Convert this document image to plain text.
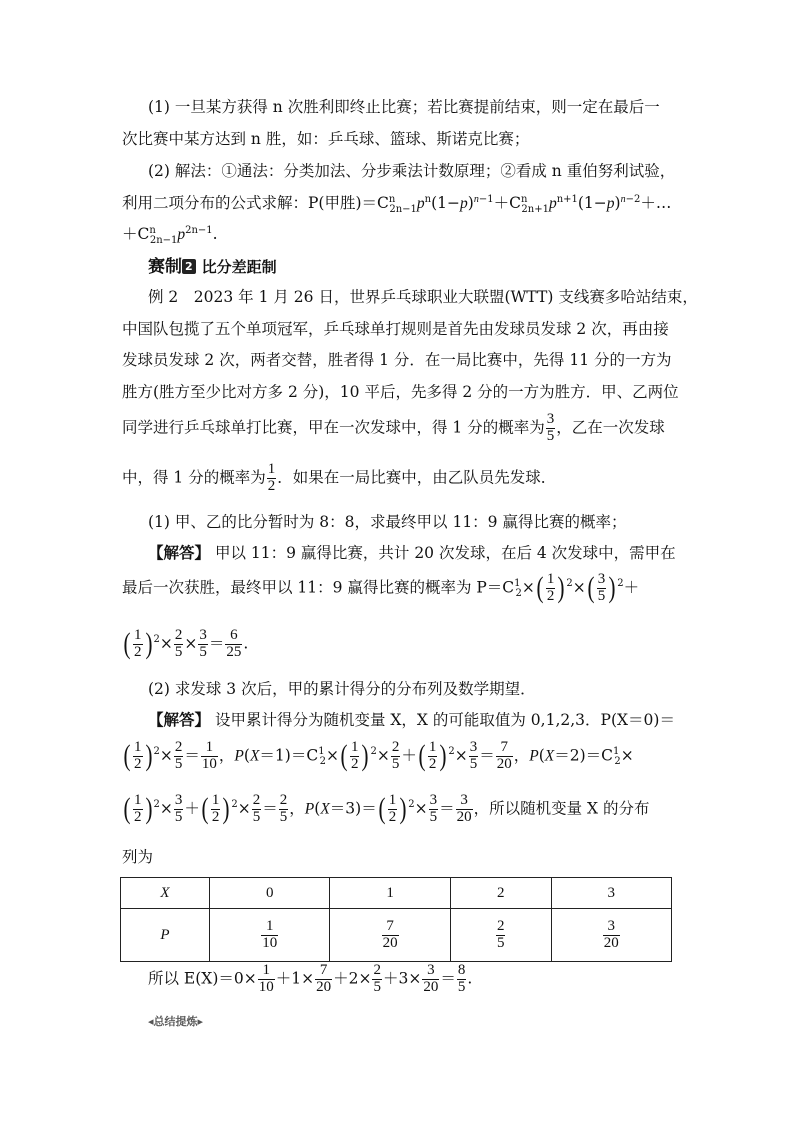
(1) 一旦某方获得 n 次胜利即终止比赛；若比赛提前结束，则一定在最后一
次比赛中某方达到 n 胜，如：乒乓球、篮球、斯诺克比赛；
(2) 解法：①通法：分类加法、分步乘法计数原理；②看成 n 重伯努利试验，
利用二项分布的公式求解：P(甲胜)$=C^n_{2n-1}p^n(1-p)^{n-1}+C^n_{2n+1}p^{n+1}(1-p)^{n-2}+\dots$
$+C^n_{2n-1}p^{2n-1}$.
赛制 2 比分差距制
例 2　2023 年 1 月 26 日，世界乒乓球职业大联盟(WTT) 支线赛多哈站结束，
中国队包揽了五个单项冠军，乒乓球单打规则是首先由发球员发球 2 次，再由接
发球员发球 2 次，两者交替，胜者得 1 分．在一局比赛中，先得 11 分的一方为
胜方(胜方至少比对方多 2 分)，10 平后，先多得 2 分的一方为胜方．甲、乙两位
同学进行乒乓球单打比赛，甲在一次发球中，得 1 分的概率为 $\frac{3}{5}$ ，乙在一次发球
中，得 1 分的概率为 $\frac{1}{2}$ ．如果在一局比赛中，由乙队员先发球．
(1) 甲、乙的比分暂时为 8：8，求最终甲以 11：9 赢得比赛的概率；
【解答】 甲以 11：9 赢得比赛，共计 20 次发球，在后 4 次发球中，需甲在
最后一次获胜，最终甲以 11：9 赢得比赛的概率为 $P=C^1_2\times( \frac{1}{2}$ ) $^2\times( \frac{3}{5}$ ) $^2$＋
( $\frac{1}{2}$ ) $^2\times \frac{2}{5} \times \frac{3}{5} = \frac{6}{25}$ .
(2) 求发球 3 次后，甲的累计得分的分布列及数学期望．
【解答】 设甲累计得分为随机变量 X，X 的可能取值为 0,1,2,3．P(X＝0)＝
( $\frac{1}{2}$ ) $^2\times \frac{2}{5} = \frac{1}{10}$ ，$P(X=1)=C^1_2\times( \frac{1}{2}$ ) $^2\times \frac{2}{5}$ ＋( $\frac{1}{2}$ ) $^2\times \frac{3}{5} = \frac{7}{20}$ ，$P(X=2)=C^1_2\times$
( $\frac{1}{2}$ ) $^2\times \frac{3}{5}$ ＋( $\frac{1}{2}$ ) $^2\times \frac{2}{5} = \frac{2}{5}$ ，$P(X=3)=( \frac{1}{2}$ ) $^2\times \frac{3}{5} = \frac{3}{20}$ ，所以随机变量 X 的分布
列为
X	0	1	2	3
P	$\frac{1}{10}$	$\frac{7}{20}$	$\frac{2}{5}$	$\frac{3}{20}$
所以 $E(X)=0\times \frac{1}{10} +1\times \frac{7}{20} +2\times \frac{2}{5} +3\times \frac{3}{20} = \frac{8}{5}$ .
◂总结提炼▸
